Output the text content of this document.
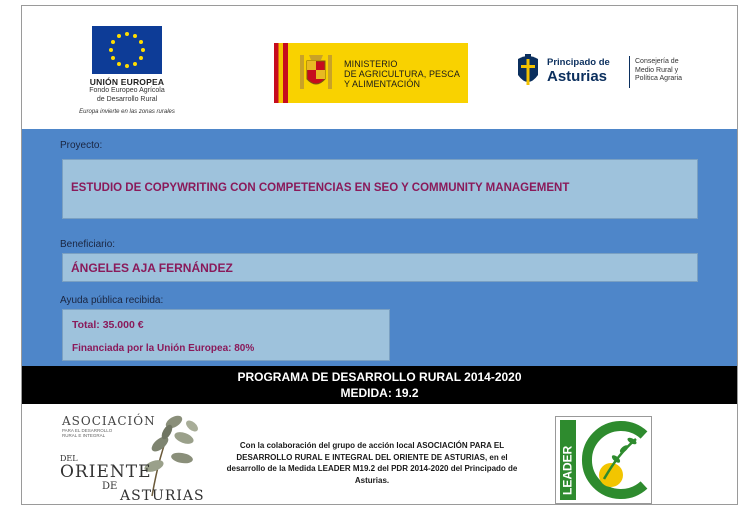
UNIÓN EUROPEA
Fondo Europeo Agrícola
de Desarrollo Rural
Europa invierte en las zonas rurales
MINISTERIO
DE AGRICULTURA, PESCA
Y ALIMENTACIÓN
Principado de
Asturias
Consejería de
Medio Rural y
Política Agraria
Proyecto:
ESTUDIO DE COPYWRITING CON COMPETENCIAS EN SEO Y COMMUNITY MANAGEMENT
Beneficiario:
ÁNGELES AJA FERNÁNDEZ
Ayuda pública recibida:
Total: 35.000 €
Financiada por la Unión Europea: 80%
PROGRAMA DE DESARROLLO RURAL 2014-2020
MEDIDA: 19.2
ASOCIACIÓN
PARA EL DESARROLLO
RURAL E INTEGRAL
DEL
ORIENTE
DE
ASTURIAS
Con la colaboración del grupo de acción local ASOCIACIÓN PARA EL DESARROLLO RURAL E INTEGRAL DEL ORIENTE DE ASTURIAS, en el desarrollo de la Medida LEADER M19.2 del PDR 2014-2020 del Principado de Asturias.	LEADER
